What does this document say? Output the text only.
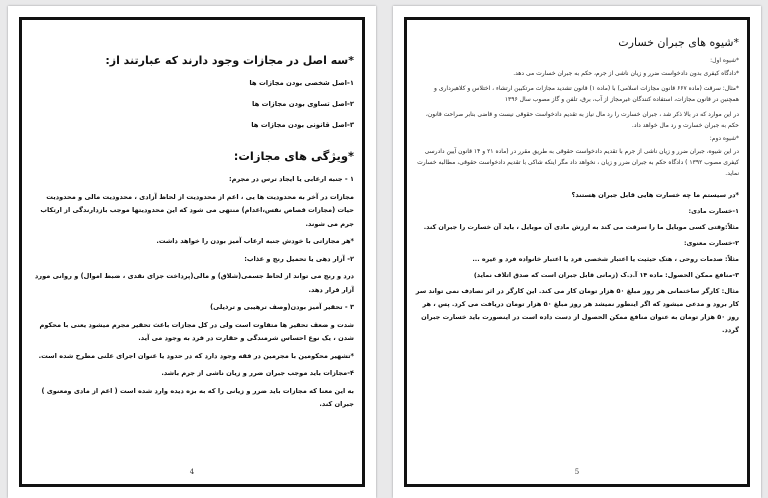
*سه اصل در مجازات وجود دارند که عبارتند از:
۱-اصل شخصی بودن مجازات ها
۲-اصل تساوی بودن مجازات ها
۳-اصل قانونی بودن مجازات ها
*ویژگی های مجازات:
۱ - جنبه ارعابی یا ایجاد ترس در مجرم:
مجازات در آخر به محدودیت ها یی ، اعم از محدودیت از لحاظ آزادی ، محدودیت مالی و محدودیت حیات (مجازات قصاص نفس،اعدام) منتهی می شود که این محدودیتها موجب بازدارندگی از ارتکاب جرم می شوند.
*هر مجازاتی با خودش جنبه ارعاب آمیز بودن را خواهد داشت.
۲- آزار دهی یا تحمیل رنج و عذاب:
درد و رنج می تواند از لحاظ جسمی(شلاق) و مالی(پرداخت جزای نقدی ، ضبط اموال) و روانی مورد آزار قرار دهد.
۳ - تحقیر آمیز بودن(وصف ترهیبی و ترذیلی)
شدت و ضعف تحقیر ها متفاوت است ولی در کل مجازات باعث تحقیر مجرم میشود یعنی با محکوم شدن ، یک نوع احساس شرمندگی و حقارت در فرد به وجود می آید.
*تشهیر محکومین با مجرمین در فقه وجود دارد که در حدود یا عنوان اجرای علنی مطرح شده است.
۴-مجازات باید موجب جبران ضرر و زیان ناشی از جرم باشد.
به این معنا که مجازات باید ضرر و زیانی را که به بزه دیده وارد شده است ( اعم از مادی ومعنوی ) جبران کند.
4
*شیوه های جبران خسارت
*شیوه اول:
*دادگاه کیفری بدون دادخواست ضرر و زیان ناشی از جرم، حکم به جبران خسارت می دهد.
*مثال: سرقت (ماده ۶۶۷ قانون مجازات اسلامی) با (ماده ۱) قانون تشدید مجازات مرتکبین ارتشاء ، اختلاس و کلاهبرداری و همچنین در قانون مجازات، استفاده کنندگان غیرمجاز از آب، برق، تلفن و گاز مصوب سال ۱۳۹۶
در این موارد که در بالا ذکر شد ، جبران خسارت را رد مال نیاز به تقدیم دادخواست حقوقی نیست و قاضی بنابر صراحت قانون، حکم به جبران خسارت و رد مال خواهد داد.
*شیوه دوم:
در این شیوه، جبران ضرر و زیان ناشی از جرم با تقدیم دادخواست حقوقی به طریق مقرر در (ماده ۲۱ و ۱۴ قانون آیین دادرسی کیفری مصوب ۱۳۹۲ ) دادگاه حکم به جبران ضرر و زیان ، نخواهد داد مگر اینکه شاکی با تقدیم دادخواست حقوقی، مطالبه خسارت نماید.
*در سیستم ما چه خسارت هایی قابل جبران هستند؟
۱-خسارت مادی:
مثلاً:وقتی کسی موبایل ما را سرقت می کند به ارزش مادی آن موبایل ، باید آن خسارت را جبران کند.
۲-خسارت معنوی:
مثلاً: صدمات روحی ، هتک حیثیت یا اعتبار شخصی فرد یا اعتبار خانواده فرد و غیره ...
۳-منافع ممکن الحصول: ماده ۱۴ آ.د.ک (زمانی قابل جبران است که صدق اتلاف نماید)
مثال: کارگر ساختمانی هر روز مبلغ ۵۰ هزار تومان کار می کند. این کارگر در اثر تصادف نمی تواند سر کار برود و مدعی میشود که اگر اینطور نمیشد هر روز مبلغ ۵۰ هزار تومان دریافت می کرد. پس ، هر روز ۵۰ هزار تومان به عنوان منافع ممکن الحصول از دست داده است در اینصورت باید خسارت جبران گردد.
5
